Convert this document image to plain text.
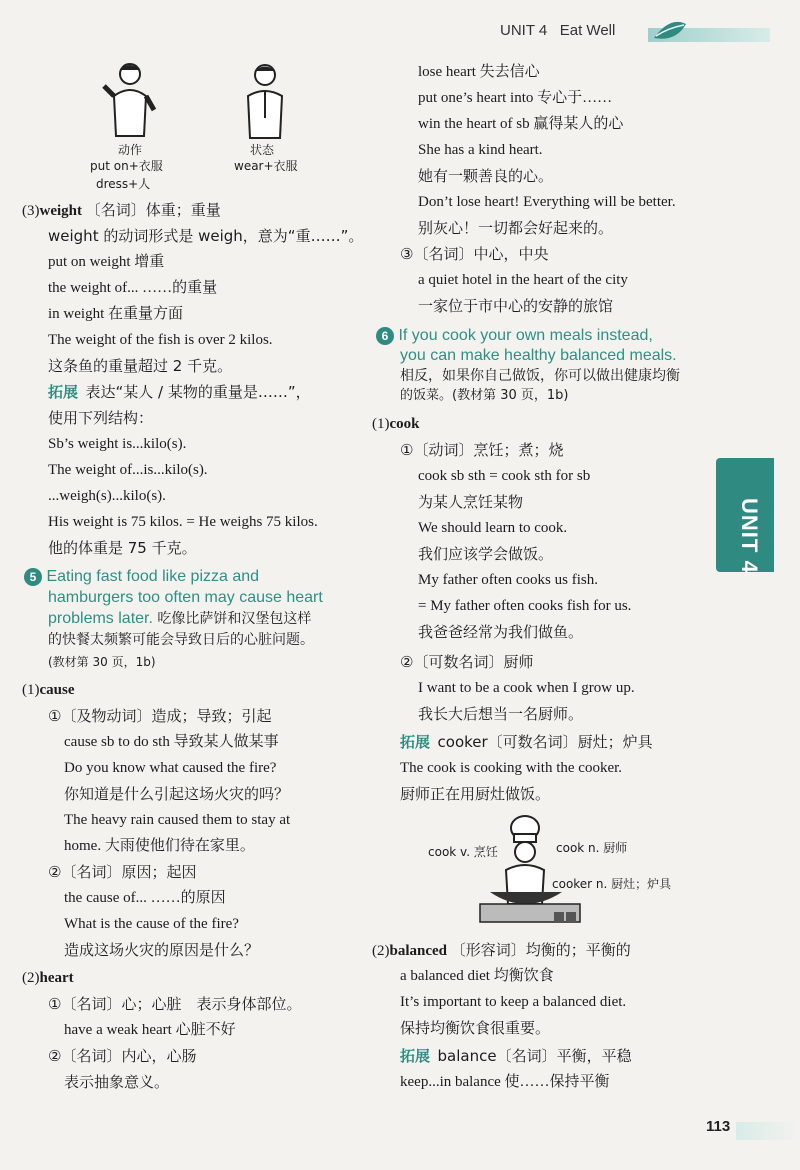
UNIT 4 Eat Well
UNIT 4
动作
put on+衣服
dress+人
状态
wear+衣服
(3)weight 〔名词〕体重；重量
weight 的动词形式是 weigh，意为“重……”。
put on weight 增重
the weight of... ……的重量
in weight 在重量方面
The weight of the fish is over 2 kilos.
这条鱼的重量超过 2 千克。
拓展 表达“某人 / 某物的重量是……”，
使用下列结构：
Sb’s weight is...kilo(s).
The weight of...is...kilo(s).
...weigh(s)...kilo(s).
His weight is 75 kilos. = He weighs 75 kilos.
他的体重是 75 千克。
5 Eating fast food like pizza and
hamburgers too often may cause heart
problems later. 吃像比萨饼和汉堡包这样
的快餐太频繁可能会导致日后的心脏问题。
(教材第 30 页，1b)
(1)cause
①〔及物动词〕造成；导致；引起
cause sb to do sth 导致某人做某事
Do you know what caused the fire?
你知道是什么引起这场火灾的吗？
The heavy rain caused them to stay at
home. 大雨使他们待在家里。
②〔名词〕原因；起因
the cause of... ……的原因
What is the cause of the fire?
造成这场火灾的原因是什么？
(2)heart
①〔名词〕心；心脏　表示身体部位。
have a weak heart 心脏不好
②〔名词〕内心，心肠
表示抽象意义。
lose heart 失去信心
put one’s heart into 专心于……
win the heart of sb 赢得某人的心
She has a kind heart.
她有一颗善良的心。
Don’t lose heart! Everything will be better.
别灰心！一切都会好起来的。
③〔名词〕中心，中央
a quiet hotel in the heart of the city
一家位于市中心的安静的旅馆
6 If you cook your own meals instead,
you can make healthy balanced meals.
相反，如果你自己做饭，你可以做出健康均衡
的饭菜。(教材第 30 页，1b)
(1)cook
①〔动词〕烹饪；煮；烧
cook sb sth = cook sth for sb
为某人烹饪某物
We should learn to cook.
我们应该学会做饭。
My father often cooks us fish.
= My father often cooks fish for us.
我爸爸经常为我们做鱼。
②〔可数名词〕厨师
I want to be a cook when I grow up.
我长大后想当一名厨师。
拓展 cooker〔可数名词〕厨灶；炉具
The cook is cooking with the cooker.
厨师正在用厨灶做饭。
cook v. 烹饪	cook n. 厨师
cooker n. 厨灶；炉具
(2)balanced 〔形容词〕均衡的；平衡的
a balanced diet 均衡饮食
It’s important to keep a balanced diet.
保持均衡饮食很重要。
拓展 balance〔名词〕平衡，平稳
keep...in balance 使……保持平衡
113
